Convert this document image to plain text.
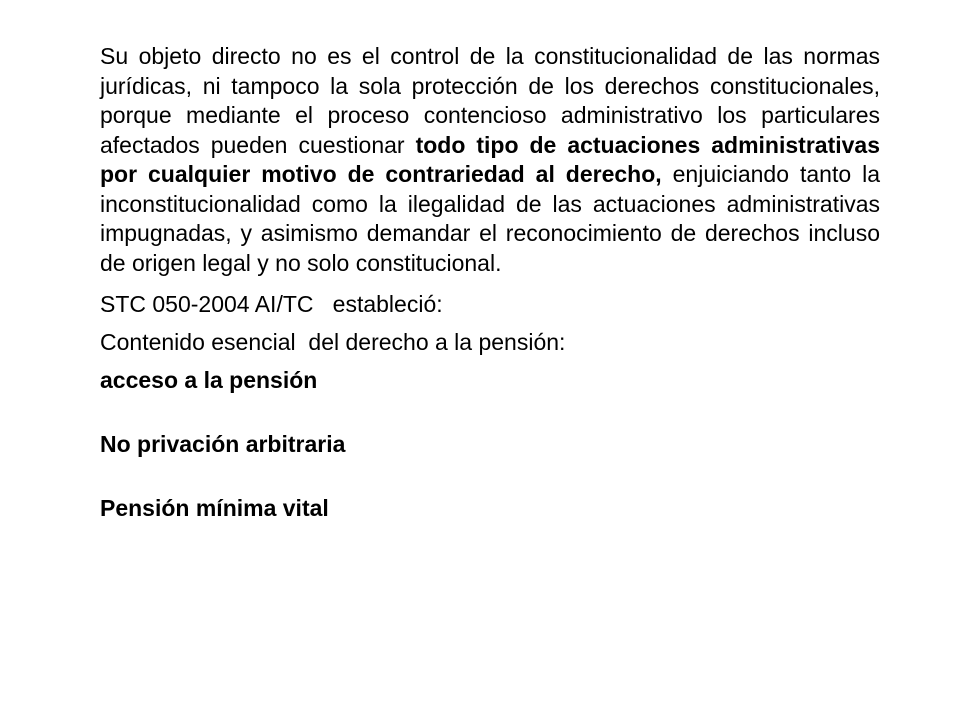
Su objeto directo no es el control de la constitucionalidad de las normas jurídicas, ni tampoco la sola protección de los derechos constitucionales, porque mediante el proceso contencioso administrativo los particulares afectados pueden cuestionar todo tipo de actuaciones administrativas por cualquier motivo de contrariedad al derecho, enjuiciando tanto la inconstitucionalidad como la ilegalidad de las actuaciones administrativas impugnadas, y asimismo demandar el reconocimiento de derechos incluso de origen legal y no solo constitucional.

STC 050-2004 AI/TC   estableció:

Contenido esencial  del derecho a la pensión:

acceso a la pensión

No privación arbitraria

Pensión mínima vital
